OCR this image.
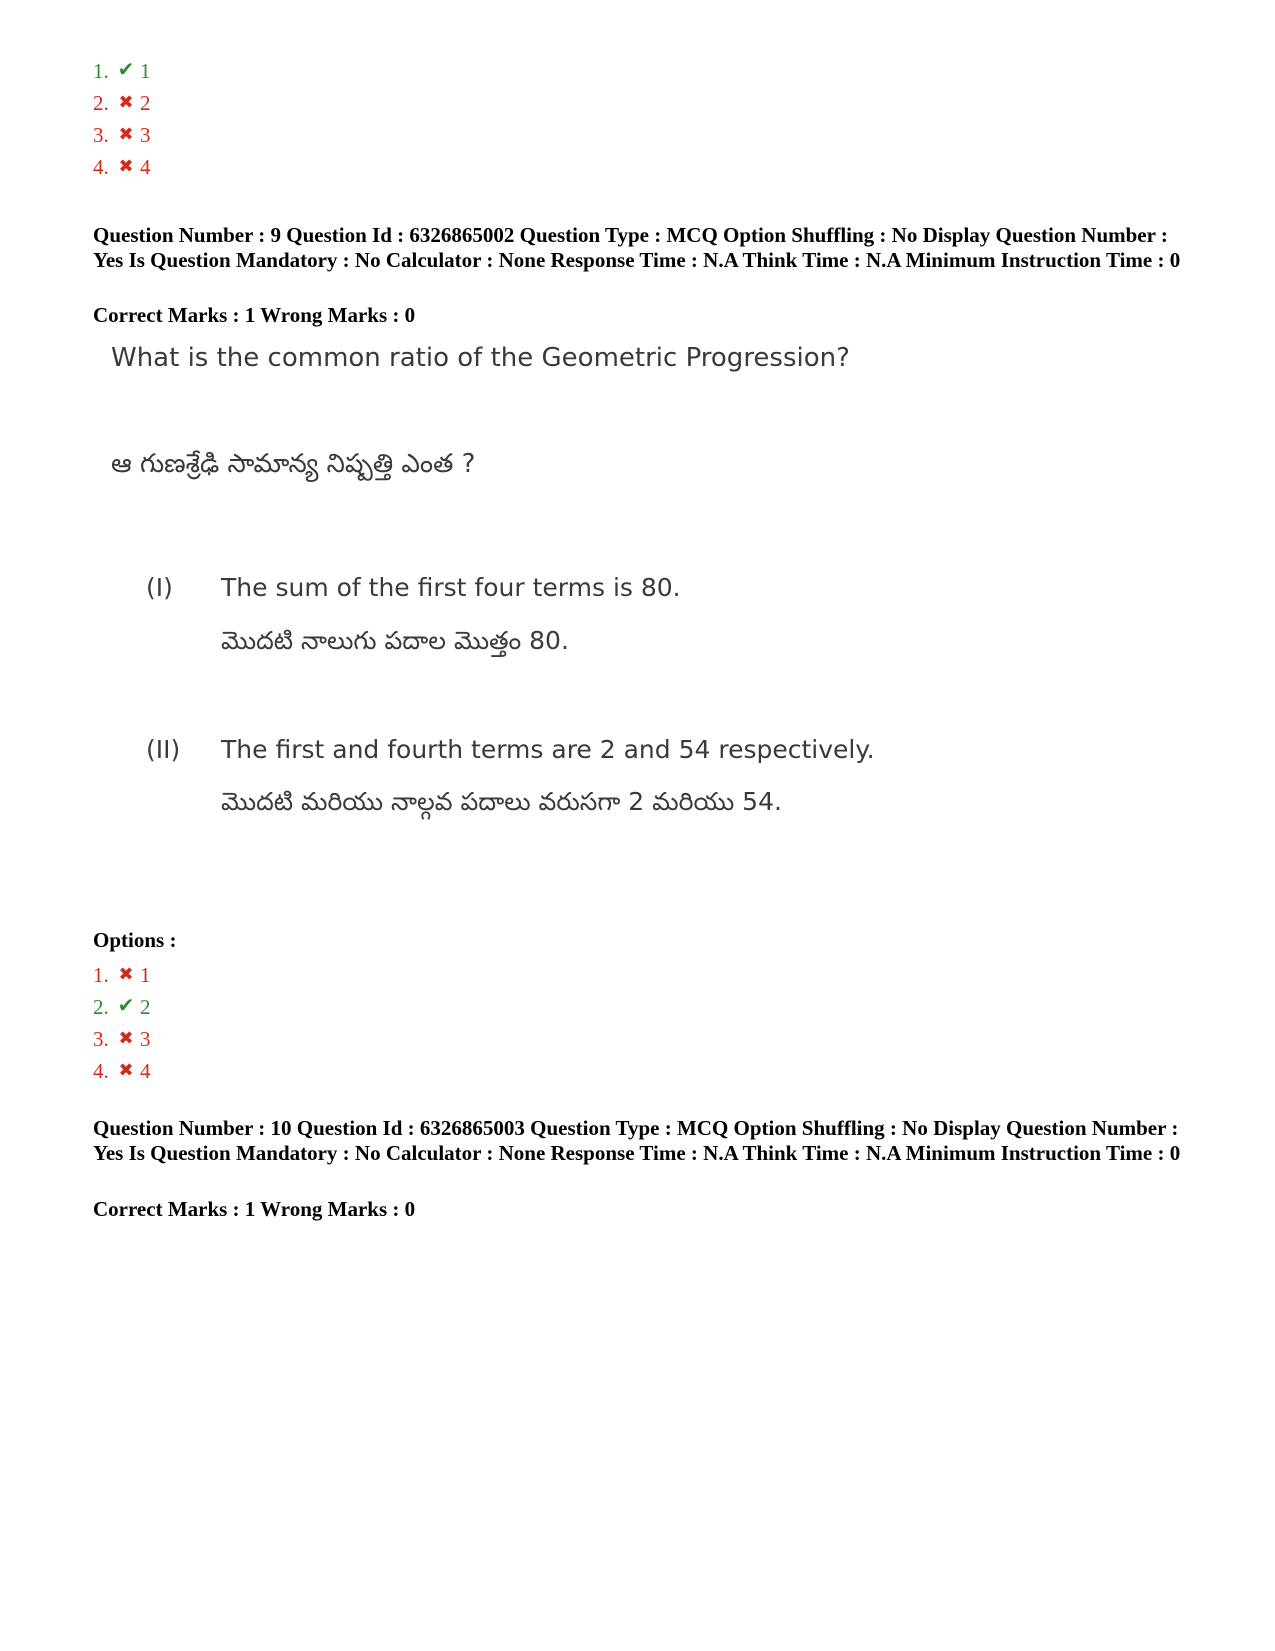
1. ✔ 1
2. ✖ 2
3. ✖ 3
4. ✖ 4
Question Number : 9 Question Id : 6326865002 Question Type : MCQ Option Shuffling : No Display Question Number : Yes Is Question Mandatory : No Calculator : None Response Time : N.A Think Time : N.A Minimum Instruction Time : 0
Correct Marks : 1 Wrong Marks : 0
What is the common ratio of the Geometric Progression?
ఆ గుణశ్రేఢి సామాన్య నిష్పత్తి ఎంత ?
(I) The sum of the first four terms is 80.
మొదటి నాలుగు పదాల మొత్తం 80.
(II) The first and fourth terms are 2 and 54 respectively.
మొదటి మరియు నాల్గవ పదాలు వరుసగా 2 మరియు 54.
Options :
1. ✖ 1
2. ✔ 2
3. ✖ 3
4. ✖ 4
Question Number : 10 Question Id : 6326865003 Question Type : MCQ Option Shuffling : No Display Question Number : Yes Is Question Mandatory : No Calculator : None Response Time : N.A Think Time : N.A Minimum Instruction Time : 0
Correct Marks : 1 Wrong Marks : 0
